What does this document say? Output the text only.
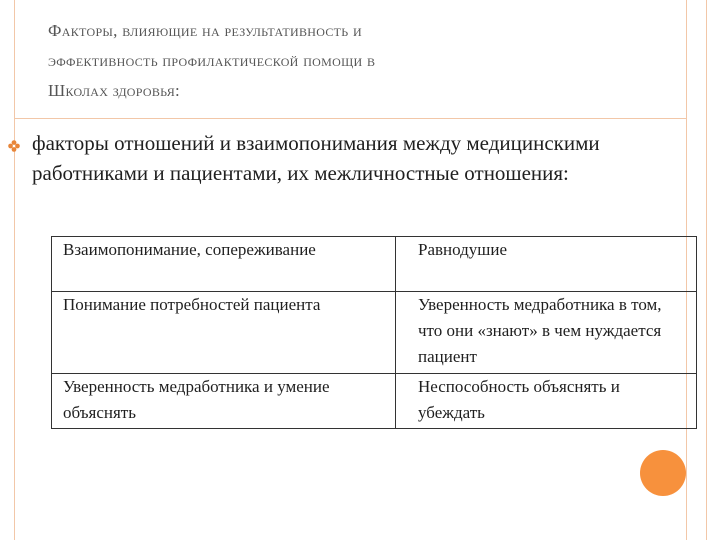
Факторы, влияющие на результативность и
эффективность профилактической помощи в
Школах здоровья:
факторы отношений и взаимопонимания между медицинскими работниками и пациентами, их межличностные отношения:
Взаимопонимание, сопереживание	Равнодушие
Понимание потребностей пациента	Уверенность медработника в том, что они «знают» в чем нуждается пациент
Уверенность медработника и умение объяснять	Неспособность объяснять и убеждать
